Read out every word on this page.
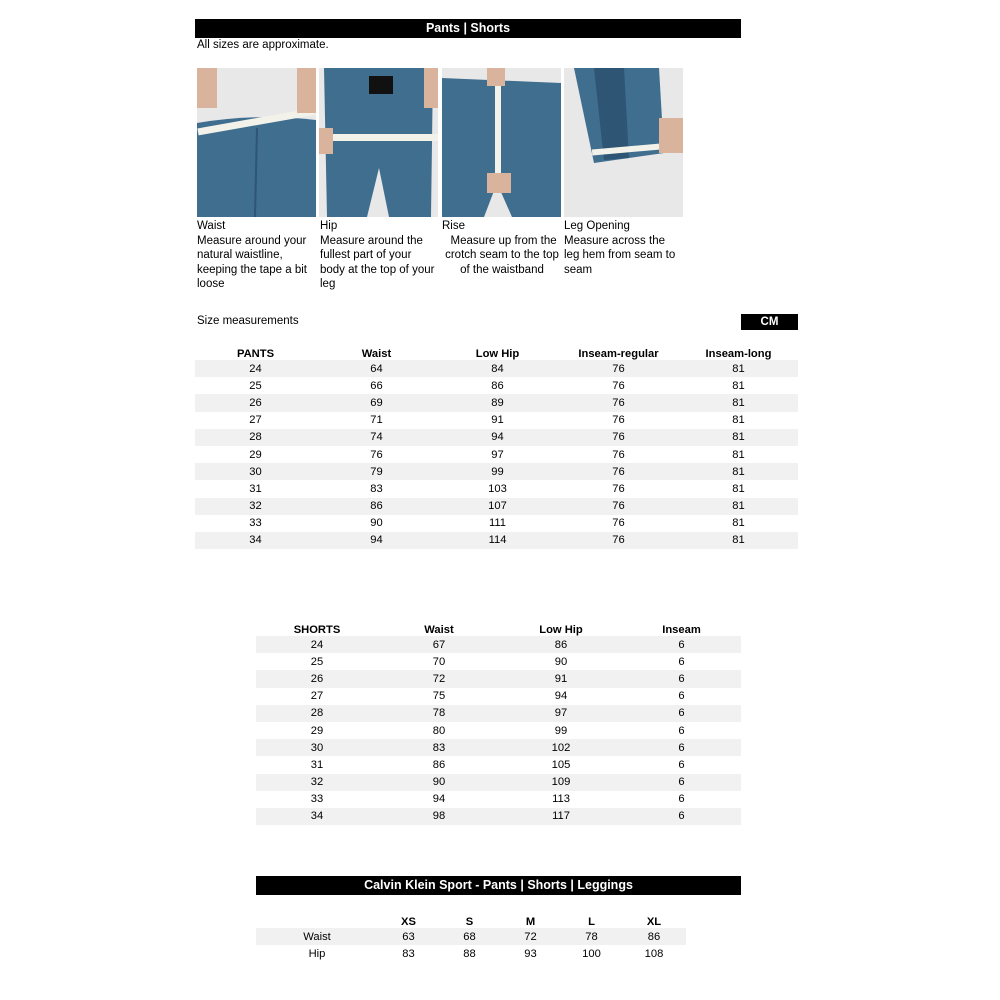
Pants | Shorts
All sizes are approximate.
Waist
Measure around your
natural waistline,
keeping the tape a bit
loose
Hip
Measure around the
fullest part of your
body at the top of your
leg
Rise
Measure up from the
crotch seam to the top
of the waistband
Leg Opening
Measure across the
leg hem from seam to
seam
Size measurements	CM
PANTS	Waist	Low Hip	Inseam-regular	Inseam-long
24	64	84	76	81
25	66	86	76	81
26	69	89	76	81
27	71	91	76	81
28	74	94	76	81
29	76	97	76	81
30	79	99	76	81
31	83	103	76	81
32	86	107	76	81
33	90	111	76	81
34	94	114	76	81
SHORTS	Waist	Low Hip	Inseam
24	67	86	6
25	70	90	6
26	72	91	6
27	75	94	6
28	78	97	6
29	80	99	6
30	83	102	6
31	86	105	6
32	90	109	6
33	94	113	6
34	98	117	6
Calvin Klein Sport - Pants | Shorts | Leggings
	XS	S	M	L	XL
Waist	63	68	72	78	86
Hip	83	88	93	100	108
